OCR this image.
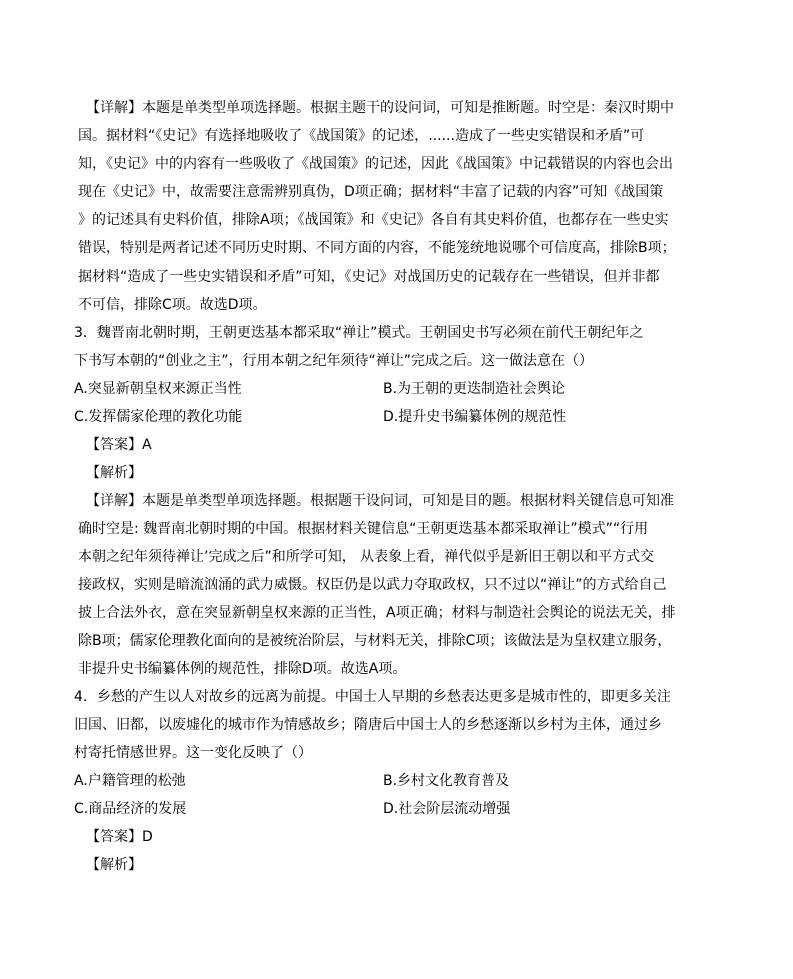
【详解】本题是单类型单项选择题。根据主题干的设问词，可知是推断题。时空是：秦汉时期中
国。据材料“《史记》有选择地吸收了《战国策》的记述，......造成了一些史实错误和矛盾”可
知，《史记》中的内容有一些吸收了《战国策》的记述，因此《战国策》中记载错误的内容也会出
现在《史记》中，故需要注意需辨别真伪，D项正确；据材料“丰富了记载的内容”可知《战国策
》的记述具有史料价值，排除A项；《战国策》和《史记》各自有其史料价值，也都存在一些史实
错误，特别是两者记述不同历史时期、不同方面的内容，不能笼统地说哪个可信度高，排除B项；
据材料“造成了一些史实错误和矛盾”可知，《史记》对战国历史的记载存在一些错误，但并非都
不可信，排除C项。故选D项。
3．魏晋南北朝时期，王朝更迭基本都采取“禅让”模式。王朝国史书写必须在前代王朝纪年之
下书写本朝的“创业之主”，行用本朝之纪年须待“禅让”完成之后。这一做法意在（）
A.突显新朝皇权来源正当性	B.为王朝的更迭制造社会舆论
C.发挥儒家伦理的教化功能	D.提升史书编纂体例的规范性
【答案】A
【解析】
【详解】本题是单类型单项选择题。根据题干设问词，可知是目的题。根据材料关键信息可知准
确时空是: 魏晋南北朝时期的中国。根据材料关键信息“王朝更迭基本都采取禅让”模式”“行用
本朝之纪年须待禅让’完成之后”和所学可知， 从表象上看，禅代似乎是新旧王朝以和平方式交
接政权，实则是暗流汹涌的武力威慑。权臣仍是以武力夺取政权，只不过以“禅让”的方式给自己
披上合法外衣，意在突显新朝皇权来源的正当性，A项正确；材料与制造社会舆论的说法无关，排
除B项；儒家伦理教化面向的是被统治阶层，与材料无关，排除C项；该做法是为皇权建立服务，
非提升史书编纂体例的规范性，排除D项。故选A项。
4．乡愁的产生以人对故乡的远离为前提。中国士人早期的乡愁表达更多是城市性的，即更多关注
旧国、旧都，以废墟化的城市作为情感故乡；隋唐后中国士人的乡愁逐渐以乡村为主体，通过乡
村寄托情感世界。这一变化反映了（）
A.户籍管理的松弛	B.乡村文化教育普及
C.商品经济的发展	D.社会阶层流动增强
【答案】D
【解析】
